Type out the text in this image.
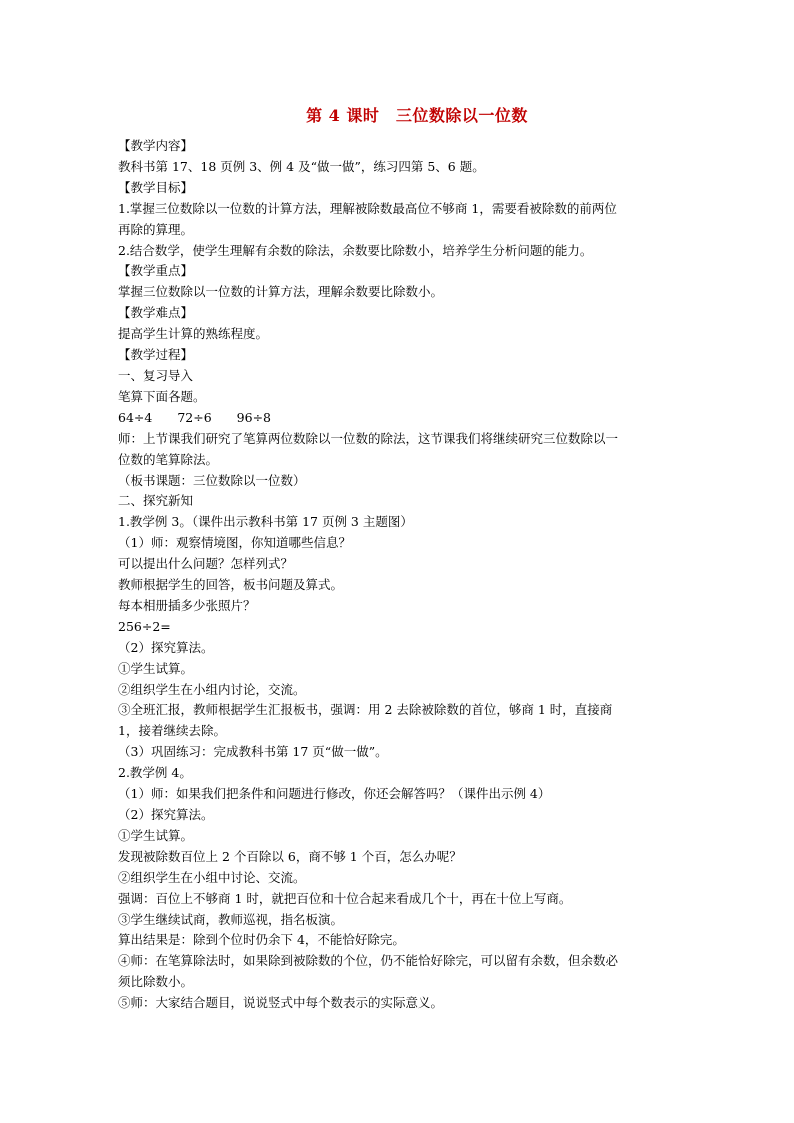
第 4 课时　三位数除以一位数

【教学内容】

教科书第 17、18 页例 3、例 4 及“做一做”，练习四第 5、6 题。

【教学目标】

1.掌握三位数除以一位数的计算方法，理解被除数最高位不够商 1，需要看被除数的前两位

再除的算理。

2.结合数学，使学生理解有余数的除法，余数要比除数小，培养学生分析问题的能力。

【教学重点】

掌握三位数除以一位数的计算方法，理解余数要比除数小。

【教学难点】

提高学生计算的熟练程度。

【教学过程】

一、复习导入

笔算下面各题。

64÷4　　72÷6　　96÷8

师：上节课我们研究了笔算两位数除以一位数的除法，这节课我们将继续研究三位数除以一

位数的笔算除法。

（板书课题：三位数除以一位数）

二、探究新知

1.教学例 3。（课件出示教科书第 17 页例 3 主题图）

（1）师：观察情境图，你知道哪些信息？

可以提出什么问题？怎样列式？

教师根据学生的回答，板书问题及算式。

每本相册插多少张照片？

256÷2=

（2）探究算法。

①学生试算。

②组织学生在小组内讨论，交流。

③全班汇报，教师根据学生汇报板书，强调：用 2 去除被除数的首位，够商 1 时，直接商

1，接着继续去除。

（3）巩固练习：完成教科书第 17 页“做一做”。

2.教学例 4。

（1）师：如果我们把条件和问题进行修改，你还会解答吗？（课件出示例 4）

（2）探究算法。

①学生试算。

发现被除数百位上 2 个百除以 6，商不够 1 个百，怎么办呢？

②组织学生在小组中讨论、交流。

强调：百位上不够商 1 时，就把百位和十位合起来看成几个十，再在十位上写商。

③学生继续试商，教师巡视，指名板演。

算出结果是：除到个位时仍余下 4，不能恰好除完。

④师：在笔算除法时，如果除到被除数的个位，仍不能恰好除完，可以留有余数，但余数必

须比除数小。

⑤师：大家结合题目，说说竖式中每个数表示的实际意义。
